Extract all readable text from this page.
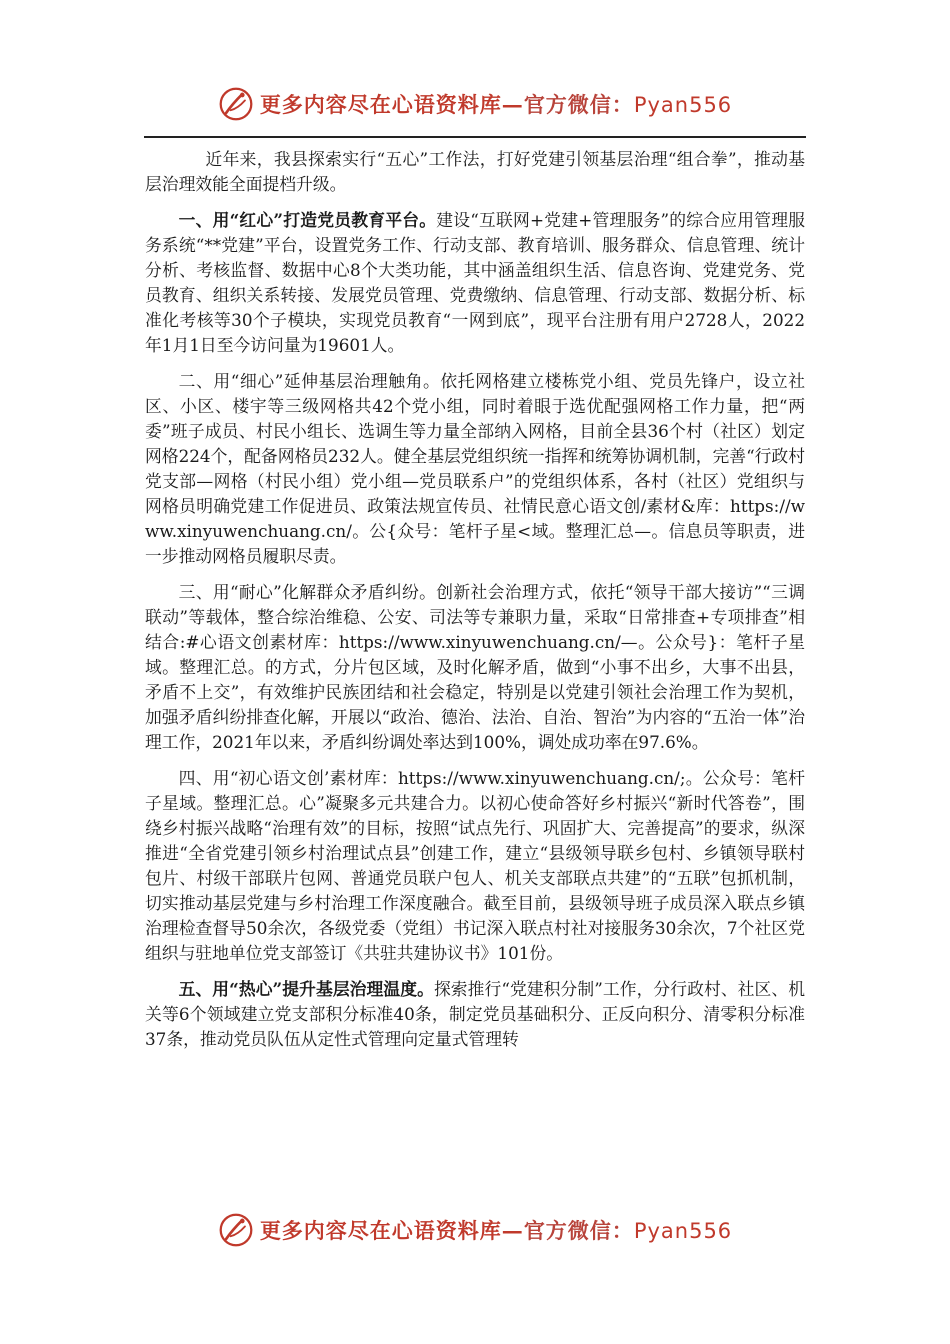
更多内容尽在心语资料库—官方微信：Pyan556

近年来，我县探索实行“五心”工作法，打好党建引领基层治理“组合拳”，推动基层治理效能全面提档升级。

一、用“红心”打造党员教育平台。建设“互联网+党建+管理服务”的综合应用管理服务系统“**党建”平台，设置党务工作、行动支部、教育培训、服务群众、信息管理、统计分析、考核监督、数据中心8个大类功能，其中涵盖组织生活、信息咨询、党建党务、党员教育、组织关系转接、发展党员管理、党费缴纳、信息管理、行动支部、数据分析、标准化考核等30个子模块，实现党员教育“一网到底”，现平台注册有用户2728人，2022年1月1日至今访问量为19601人。

二、用“细心”延伸基层治理触角。依托网格建立楼栋党小组、党员先锋户，设立社区、小区、楼宇等三级网格共42个党小组，同时着眼于选优配强网格工作力量，把“两委”班子成员、村民小组长、选调生等力量全部纳入网格，目前全县36个村（社区）划定网格224个，配备网格员232人。健全基层党组织统一指挥和统筹协调机制，完善“行政村党支部—网格（村民小组）党小组—党员联系户”的党组织体系，各村（社区）党组织与网格员明确党建工作促进员、政策法规宣传员、社情民意心语文创/素材&库：https://www.xinyuwenchuang.cn/。公{众号：笔杆子星<域。整理汇总—。信息员等职责，进一步推动网格员履职尽责。

三、用“耐心”化解群众矛盾纠纷。创新社会治理方式，依托“领导干部大接访”“三调联动”等载体，整合综治维稳、公安、司法等专兼职力量，采取“日常排查+专项排查”相结合:#心语文创素材库：https://www.xinyuwenchuang.cn/—。公众号}：笔杆子星域。整理汇总。的方式，分片包区域，及时化解矛盾，做到“小事不出乡，大事不出县，矛盾不上交”，有效维护民族团结和社会稳定，特别是以党建引领社会治理工作为契机，加强矛盾纠纷排查化解，开展以“政治、德治、法治、自治、智治”为内容的“五治一体”治理工作，2021年以来，矛盾纠纷调处率达到100%，调处成功率在97.6%。

四、用“初心语文创’素材库：https://www.xinyuwenchuang.cn/;。公众号：笔杆子星域。整理汇总。心”凝聚多元共建合力。以初心使命答好乡村振兴“新时代答卷”，围绕乡村振兴战略“治理有效”的目标，按照“试点先行、巩固扩大、完善提高”的要求，纵深推进“全省党建引领乡村治理试点县”创建工作，建立“县级领导联乡包村、乡镇领导联村包片、村级干部联片包网、普通党员联户包人、机关支部联点共建”的“五联”包抓机制，切实推动基层党建与乡村治理工作深度融合。截至目前，县级领导班子成员深入联点乡镇治理检查督导50余次，各级党委（党组）书记深入联点村社对接服务30余次，7个社区党组织与驻地单位党支部签订《共驻共建协议书》101份。

五、用“热心”提升基层治理温度。探索推行“党建积分制”工作，分行政村、社区、机关等6个领域建立党支部积分标准40条，制定党员基础积分、正反向积分、清零积分标准37条，推动党员队伍从定性式管理向定量式管理转

更多内容尽在心语资料库—官方微信：Pyan556
